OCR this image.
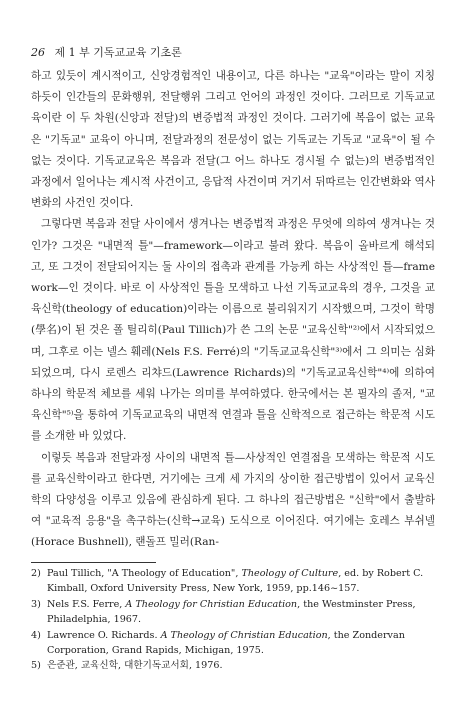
26 제 1 부 기독교교육 기초론

하고 있듯이 계시적이고, 신앙경험적인 내용이고, 다른 하나는 "교육"이라는 말이 지칭하듯이 인간들의 문화행위, 전달행위 그리고 언어의 과정인 것이다. 그러므로 기독교교육이란 이 두 차원(신앙과 전달)의 변증법적 과정인 것이다. 그러기에 복음이 없는 교육은 "기독교" 교육이 아니며, 전달과정의 전문성이 없는 기독교는 기독교 "교육"이 될 수 없는 것이다. 기독교교육은 복음과 전달(그 어느 하나도 경시될 수 없는)의 변증법적인 과정에서 일어나는 계시적 사건이고, 응답적 사건이며 거기서 뒤따르는 인간변화와 역사 변화의 사건인 것이다.

그렇다면 복음과 전달 사이에서 생겨나는 변증법적 과정은 무엇에 의하여 생겨나는 것인가? 그것은 "내면적 틀"—framework—이라고 불려 왔다. 복음이 올바르게 해석되고, 또 그것이 전달되어지는 둘 사이의 접촉과 관계를 가능케 하는 사상적인 틀—framework—인 것이다. 바로 이 사상적인 틀을 모색하고 나선 기독교교육의 경우, 그것을 교육신학(theology of education)이라는 이름으로 불리워지기 시작했으며, 그것이 학명(學名)이 된 것은 폴 틸리히(Paul Tillich)가 쓴 그의 논문 "교육신학"²⁾에서 시작되었으며, 그후로 이는 넬스 훼레(Nels F.S. Ferré)의 "기독교교육신학"³⁾에서 그 의미는 심화되었으며, 다시 로렌스 리챠드(Lawrence Richards)의 "기독교교육신학"⁴⁾에 의하여 하나의 학문적 체보를 세워 나가는 의미를 부여하였다. 한국에서는 본 필자의 졸저, "교육신학"⁵⁾을 통하여 기독교교육의 내면적 연결과 틀을 신학적으로 접근하는 학문적 시도를 소개한 바 있었다.

이렇듯 복음과 전달과정 사이의 내면적 틀—사상적인 연결점을 모색하는 학문적 시도를 교육신학이라고 한다면, 거기에는 크게 세 가지의 상이한 접근방법이 있어서 교육신학의 다양성을 이루고 있음에 관심하게 된다. 그 하나의 접근방법은 "신학"에서 출발하여 "교육적 응용"을 촉구하는(신학→교육) 도식으로 이어진다. 여기에는 호레스 부쉬넬(Horace Bushnell), 랜돌프 밀러(Ran-

2) Paul Tillich, "A Theology of Education", Theology of Culture, ed. by Robert C. Kimball, Oxford University Press, New York, 1959, pp.146~157.
3) Nels F.S. Ferre, A Theology for Christian Education, the Westminster Press, Philadelphia, 1967.
4) Lawrence O. Richards. A Theology of Christian Education, the Zondervan Corporation, Grand Rapids, Michigan, 1975.
5) 은준관, 교육신학, 대한기독교서회, 1976.
